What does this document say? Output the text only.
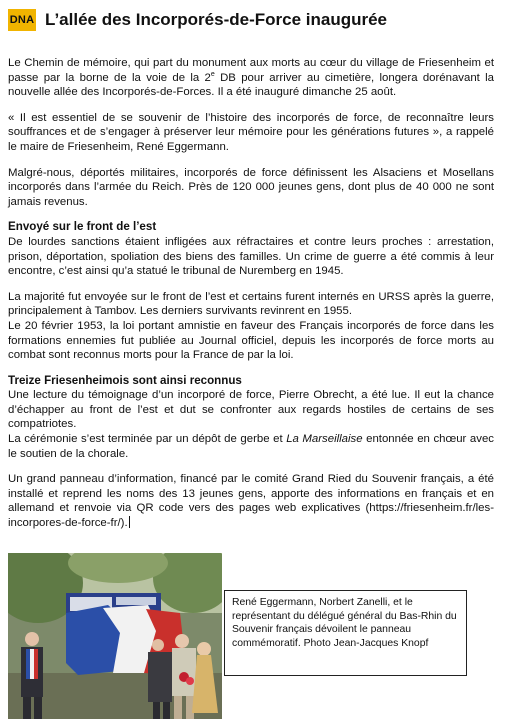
DNA L’allée des Incorporés-de-Force inaugurée

Le Chemin de mémoire, qui part du monument aux morts au cœur du village de Friesenheim et passe par la borne de la voie de la 2e DB pour arriver au cimetière, longera dorénavant la nouvelle allée des Incorporés-de-Forces. Il a été inauguré dimanche 25 août.

« Il est essentiel de se souvenir de l’histoire des incorporés de force, de reconnaître leurs souffrances et de s’engager à préserver leur mémoire pour les générations futures », a rappelé le maire de Friesenheim, René Eggermann.

Malgré-nous, déportés militaires, incorporés de force définissent les Alsaciens et Mosellans incorporés dans l’armée du Reich. Près de 120 000 jeunes gens, dont plus de 40 000 ne sont jamais revenus.

Envoyé sur le front de l’est

De lourdes sanctions étaient infligées aux réfractaires et contre leurs proches : arrestation, prison, déportation, spoliation des biens des familles. Un crime de guerre a été commis à leur encontre, c’est ainsi qu’a statué le tribunal de Nuremberg en 1945.

La majorité fut envoyée sur le front de l’est et certains furent internés en URSS après la guerre, principalement à Tambov. Les derniers survivants revinrent en 1955.

Le 20 février 1953, la loi portant amnistie en faveur des Français incorporés de force dans les formations ennemies fut publiée au Journal officiel, depuis les incorporés de force morts au combat sont reconnus morts pour la France de par la loi.

Treize Friesenheimois sont ainsi reconnus

Une lecture du témoignage d’un incorporé de force, Pierre Obrecht, a été lue. Il eut la chance d’échapper au front de l’est et dut se confronter aux regards hostiles de certains de ses compatriotes.

La cérémonie s’est terminée par un dépôt de gerbe et La Marseillaise entonnée en chœur avec le soutien de la chorale.

Un grand panneau d’information, financé par le comité Grand Ried du Souvenir français, a été installé et reprend les noms des 13 jeunes gens, apporte des informations en français et en allemand et renvoie via QR code vers des pages web explicatives (https://friesenheim.fr/les-incorpores-de-force-fr/).

René Eggermann, Norbert Zanelli, et le représentant du délégué général du Bas-Rhin du Souvenir français dévoilent le panneau commémoratif. Photo Jean-Jacques Knopf
